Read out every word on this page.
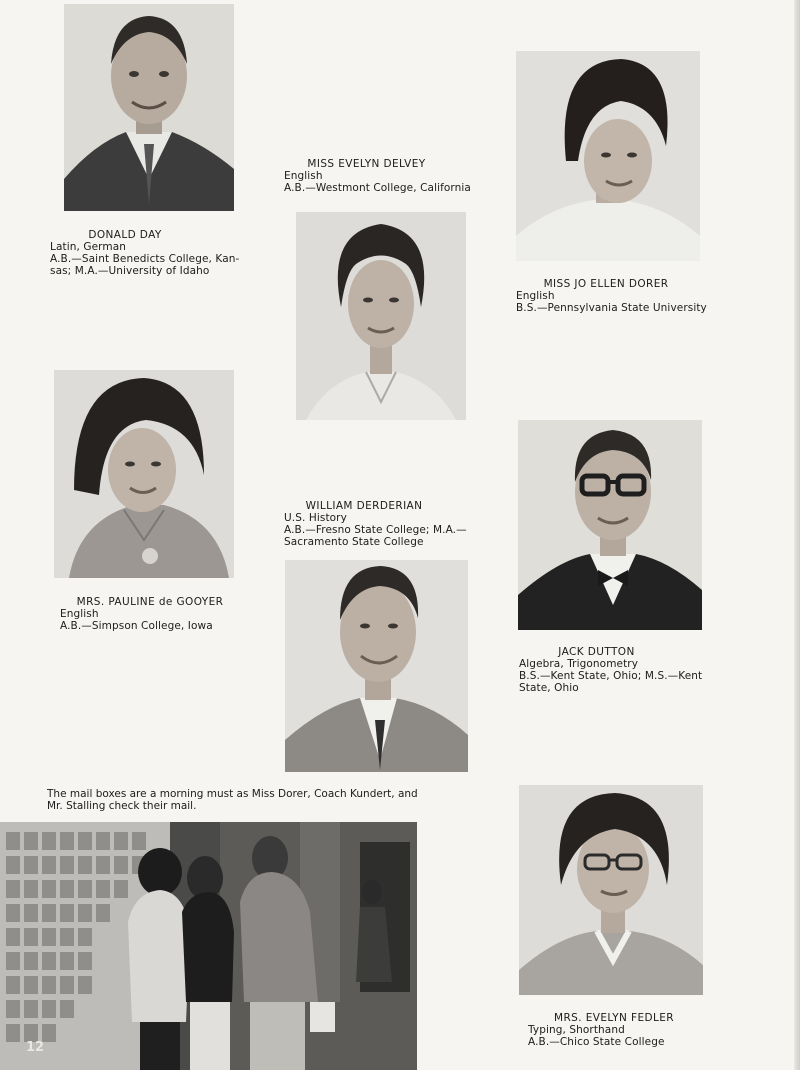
DONALD DAY
Latin, German
A.B.—Saint Benedicts College, Kan-
sas; M.A.—University of Idaho
MISS EVELYN DELVEY
English
A.B.—Westmont College, California
MISS JO ELLEN DORER
English
B.S.—Pennsylvania State University
MRS. PAULINE de GOOYER
English
A.B.—Simpson College, Iowa
WILLIAM DERDERIAN
U.S. History
A.B.—Fresno State College; M.A.—
Sacramento State College
JACK DUTTON
Algebra, Trigonometry
B.S.—Kent State, Ohio; M.S.—Kent
State, Ohio
The mail boxes are a morning must as Miss Dorer, Coach Kundert, and
Mr. Stalling check their mail.
12
MRS. EVELYN FEDLER
Typing, Shorthand
A.B.—Chico State College
